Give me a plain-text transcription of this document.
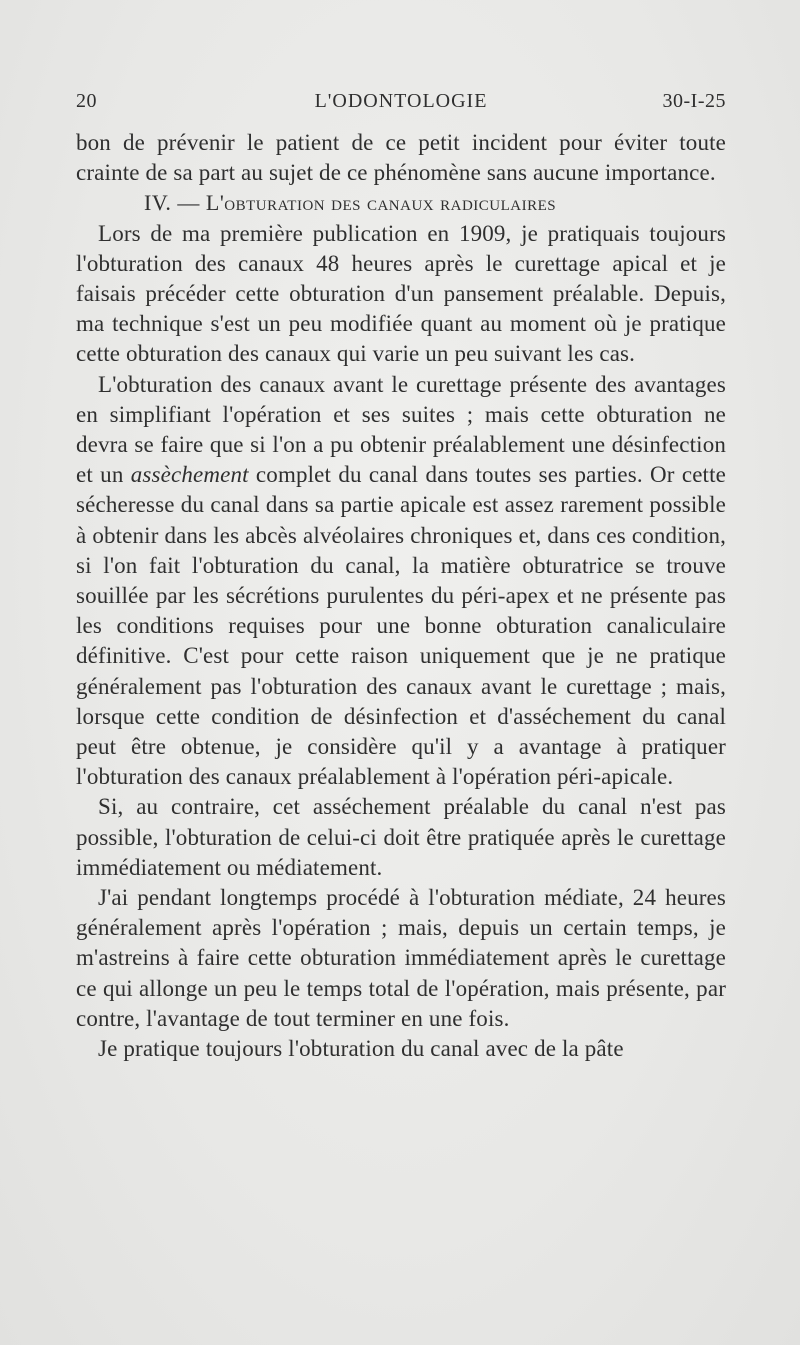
20	L'ODONTOLOGIE	30-I-25

bon de prévenir le patient de ce petit incident pour éviter toute crainte de sa part au sujet de ce phénomène sans aucune importance.

IV. — L'obturation des canaux radiculaires

Lors de ma première publication en 1909, je pratiquais toujours l'obturation des canaux 48 heures après le curettage apical et je faisais précéder cette obturation d'un pansement préalable. Depuis, ma technique s'est un peu modifiée quant au moment où je pratique cette obturation des canaux qui varie un peu suivant les cas.

L'obturation des canaux avant le curettage présente des avantages en simplifiant l'opération et ses suites ; mais cette obturation ne devra se faire que si l'on a pu obtenir préalablement une désinfection et un assèchement complet du canal dans toutes ses parties. Or cette sécheresse du canal dans sa partie apicale est assez rarement possible à obtenir dans les abcès alvéolaires chroniques et, dans ces condition, si l'on fait l'obturation du canal, la matière obturatrice se trouve souillée par les sécrétions purulentes du péri-apex et ne présente pas les conditions requises pour une bonne obturation canaliculaire définitive. C'est pour cette raison uniquement que je ne pratique généralement pas l'obturation des canaux avant le curettage ; mais, lorsque cette condition de désinfection et d'asséchement du canal peut être obtenue, je considère qu'il y a avantage à pratiquer l'obturation des canaux préalablement à l'opération péri-apicale.

Si, au contraire, cet asséchement préalable du canal n'est pas possible, l'obturation de celui-ci doit être pratiquée après le curettage immédiatement ou médiatement.

J'ai pendant longtemps procédé à l'obturation médiate, 24 heures généralement après l'opération ; mais, depuis un certain temps, je m'astreins à faire cette obturation immédiatement après le curettage ce qui allonge un peu le temps total de l'opération, mais présente, par contre, l'avantage de tout terminer en une fois.

Je pratique toujours l'obturation du canal avec de la pâte
